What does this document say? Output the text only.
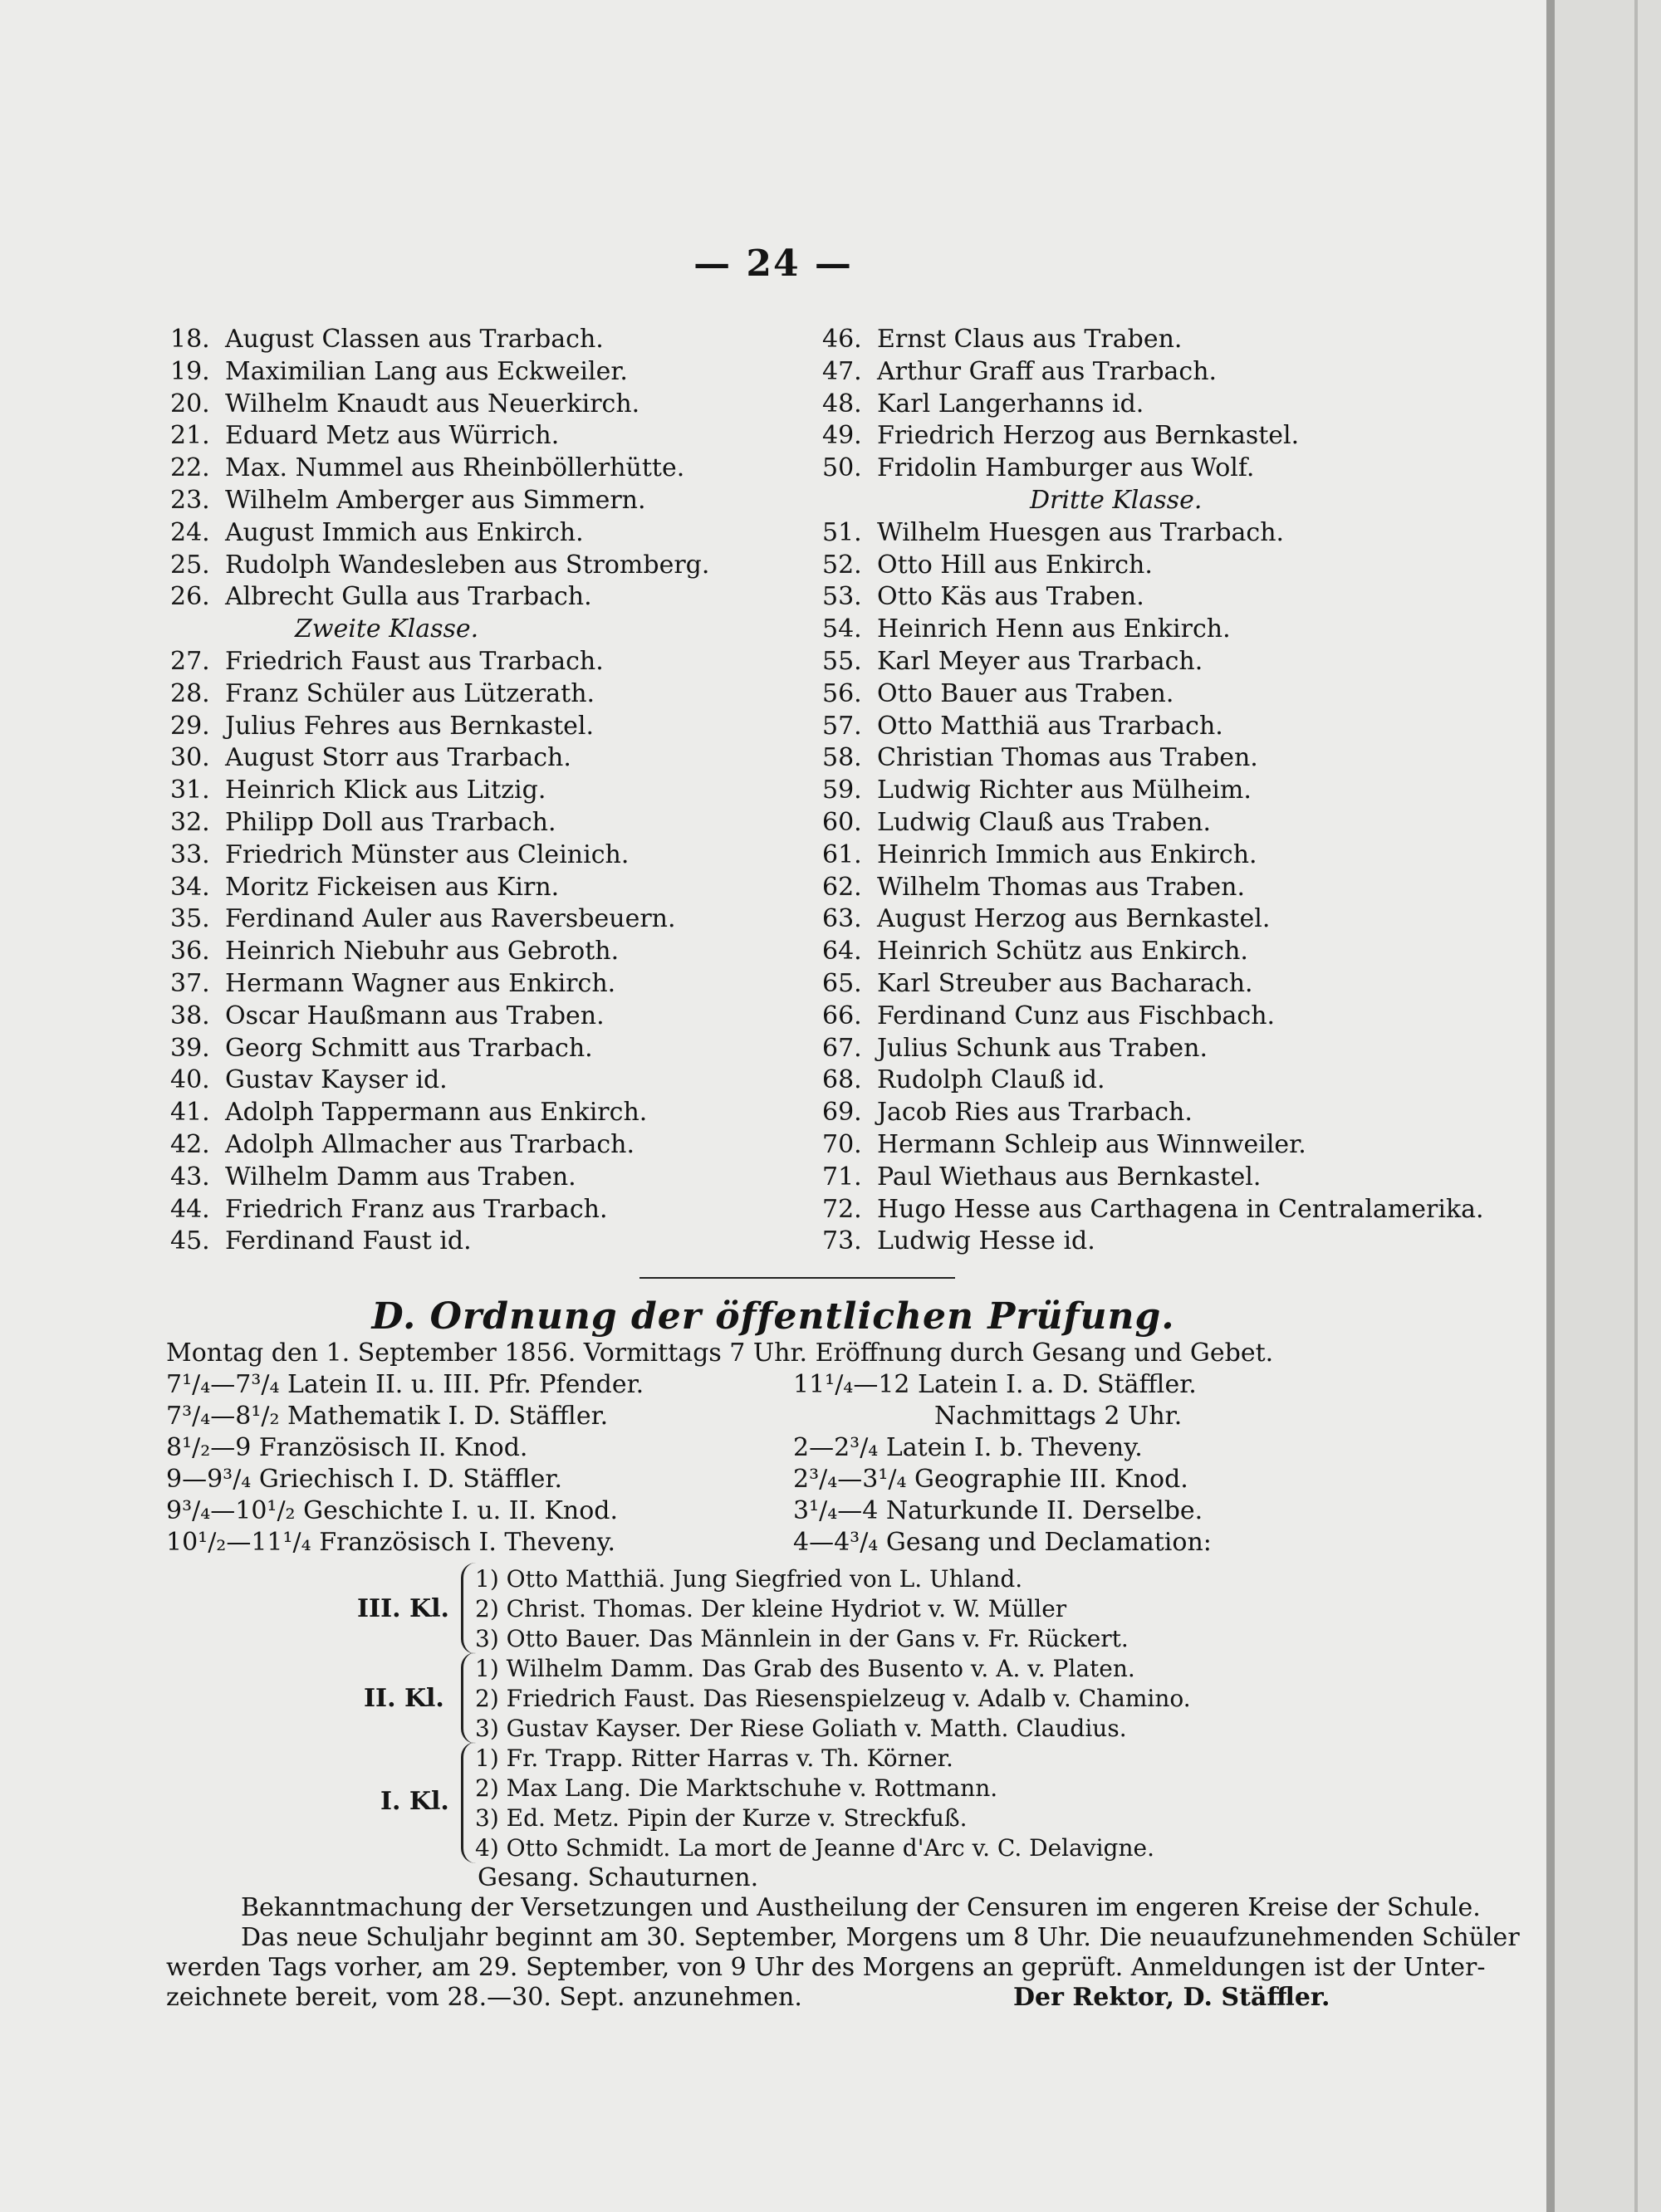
— 24 —
18. August Classen aus Trarbach.
19. Maximilian Lang aus Eckweiler.
20. Wilhelm Knaudt aus Neuerkirch.
21. Eduard Metz aus Würrich.
22. Max. Nummel aus Rheinböllerhütte.
23. Wilhelm Amberger aus Simmern.
24. August Immich aus Enkirch.
25. Rudolph Wandesleben aus Stromberg.
26. Albrecht Gulla aus Trarbach.
Zweite Klasse.
27. Friedrich Faust aus Trarbach.
28. Franz Schüler aus Lützerath.
29. Julius Fehres aus Bernkastel.
30. August Storr aus Trarbach.
31. Heinrich Klick aus Litzig.
32. Philipp Doll aus Trarbach.
33. Friedrich Münster aus Cleinich.
34. Moritz Fickeisen aus Kirn.
35. Ferdinand Auler aus Raversbeuern.
36. Heinrich Niebuhr aus Gebroth.
37. Hermann Wagner aus Enkirch.
38. Oscar Haußmann aus Traben.
39. Georg Schmitt aus Trarbach.
40. Gustav Kayser id.
41. Adolph Tappermann aus Enkirch.
42. Adolph Allmacher aus Trarbach.
43. Wilhelm Damm aus Traben.
44. Friedrich Franz aus Trarbach.
45. Ferdinand Faust id.
46. Ernst Claus aus Traben.
47. Arthur Graff aus Trarbach.
48. Karl Langerhanns id.
49. Friedrich Herzog aus Bernkastel.
50. Fridolin Hamburger aus Wolf.
Dritte Klasse.
51. Wilhelm Huesgen aus Trarbach.
52. Otto Hill aus Enkirch.
53. Otto Käs aus Traben.
54. Heinrich Henn aus Enkirch.
55. Karl Meyer aus Trarbach.
56. Otto Bauer aus Traben.
57. Otto Matthiä aus Trarbach.
58. Christian Thomas aus Traben.
59. Ludwig Richter aus Mülheim.
60. Ludwig Clauß aus Traben.
61. Heinrich Immich aus Enkirch.
62. Wilhelm Thomas aus Traben.
63. August Herzog aus Bernkastel.
64. Heinrich Schütz aus Enkirch.
65. Karl Streuber aus Bacharach.
66. Ferdinand Cunz aus Fischbach.
67. Julius Schunk aus Traben.
68. Rudolph Clauß id.
69. Jacob Ries aus Trarbach.
70. Hermann Schleip aus Winnweiler.
71. Paul Wiethaus aus Bernkastel.
72. Hugo Hesse aus Carthagena in Centralamerika.
73. Ludwig Hesse id.
D. Ordnung der öffentlichen Prüfung.
Montag den 1. September 1856. Vormittags 7 Uhr. Eröffnung durch Gesang und Gebet.
7¹/₄—7³/₄ Latein II. u. III. Pfr. Pfender.
7³/₄—8¹/₂ Mathematik I. D. Stäffler.
8¹/₂—9 Französisch II. Knod.
9—9³/₄ Griechisch I. D. Stäffler.
9³/₄—10¹/₂ Geschichte I. u. II. Knod.
10¹/₂—11¹/₄ Französisch I. Theveny.
11¹/₄—12 Latein I. a. D. Stäffler.
Nachmittags 2 Uhr.
2—2³/₄ Latein I. b. Theveny.
2³/₄—3¹/₄ Geographie III. Knod.
3¹/₄—4 Naturkunde II. Derselbe.
4—4³/₄ Gesang und Declamation:
III. Kl.
1) Otto Matthiä. Jung Siegfried von L. Uhland.
2) Christ. Thomas. Der kleine Hydriot v. W. Müller
3) Otto Bauer. Das Männlein in der Gans v. Fr. Rückert.
II. Kl.
1) Wilhelm Damm. Das Grab des Busento v. A. v. Platen.
2) Friedrich Faust. Das Riesenspielzeug v. Adalb v. Chamino.
3) Gustav Kayser. Der Riese Goliath v. Matth. Claudius.
I. Kl.
1) Fr. Trapp. Ritter Harras v. Th. Körner.
2) Max Lang. Die Marktschuhe v. Rottmann.
3) Ed. Metz. Pipin der Kurze v. Streckfuß.
4) Otto Schmidt. La mort de Jeanne d'Arc v. C. Delavigne.
Gesang. Schauturnen.
Bekanntmachung der Versetzungen und Austheilung der Censuren im engeren Kreise der Schule.
Das neue Schuljahr beginnt am 30. September, Morgens um 8 Uhr. Die neuaufzunehmenden Schüler
werden Tags vorher, am 29. September, von 9 Uhr des Morgens an geprüft. Anmeldungen ist der Unter-
zeichnete bereit, vom 28.—30. Sept. anzunehmen.	Der Rektor, D. Stäffler.
